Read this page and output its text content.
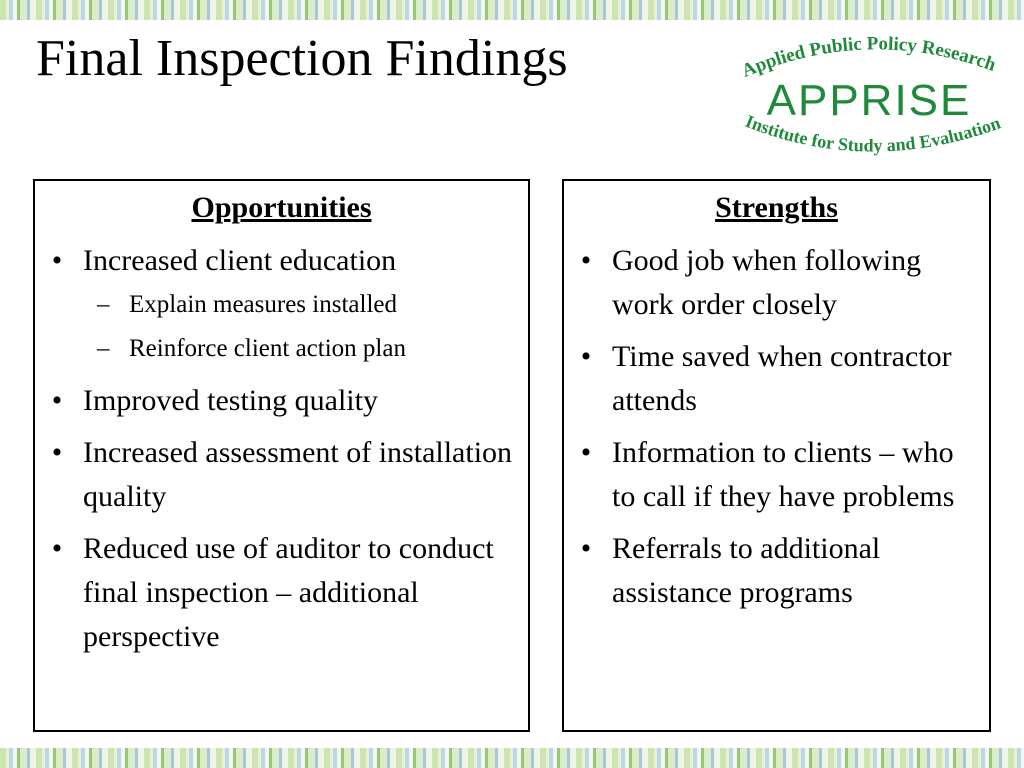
Final Inspection Findings	Applied Public Policy Research
APPRISE
Institute for Study and Evaluation
Opportunities
• Increased client education
– Explain measures installed
– Reinforce client action plan
• Improved testing quality
• Increased assessment of installation quality
• Reduced use of auditor to conduct final inspection – additional perspective
Strengths
• Good job when following work order closely
• Time saved when contractor attends
• Information to clients – who to call if they have problems
• Referrals to additional assistance programs
